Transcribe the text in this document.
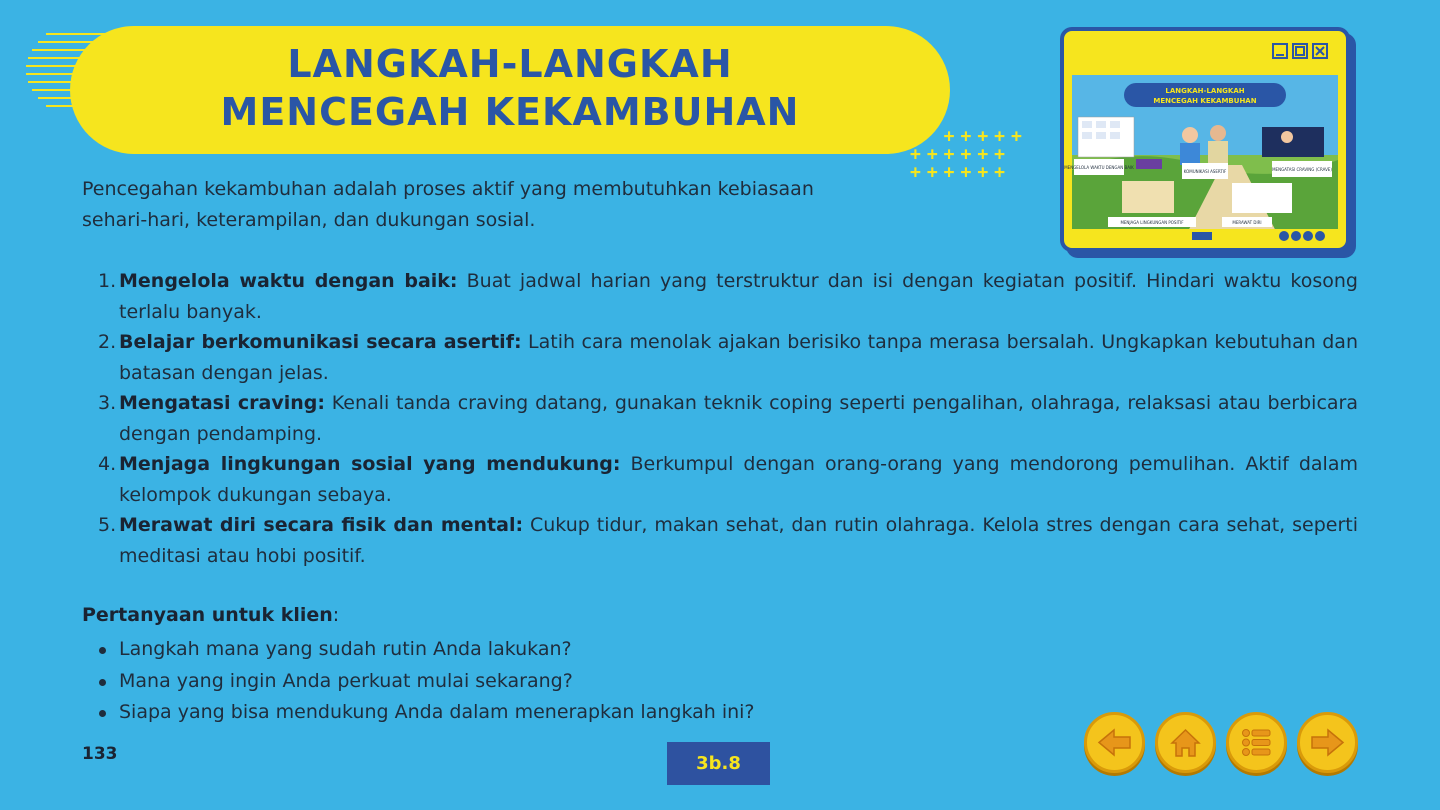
LANGKAH-LANGKAH
MENCEGAH KEKAMBUHAN
+++++
++++++
++++++
Pencegahan kekambuhan adalah proses aktif yang membutuhkan kebiasaan
sehari-hari, keterampilan, dan dukungan sosial.
LANGKAH-LANGKAH
MENCEGAH KEKAMBUHAN
MENGELOLA WAKTU DENGAN BAIK
KOMUNIKASI ASERTIF	MENGATASI CRAVING (CRAVE)
MENJAGA LINGKUNGAN POSITIF	MERAWAT DIRI
1. Mengelola waktu dengan baik: Buat jadwal harian yang terstruktur dan isi dengan kegiatan positif. Hindari waktu kosong terlalu banyak.
2. Belajar berkomunikasi secara asertif: Latih cara menolak ajakan berisiko tanpa merasa bersalah. Ungkapkan kebutuhan dan batasan dengan jelas.
3. Mengatasi craving: Kenali tanda craving datang, gunakan teknik coping seperti pengalihan, olahraga, relaksasi atau berbicara dengan pendamping.
4. Menjaga lingkungan sosial yang mendukung: Berkumpul dengan orang-orang yang mendorong pemulihan. Aktif dalam kelompok dukungan sebaya.
5. Merawat diri secara fisik dan mental: Cukup tidur, makan sehat, dan rutin olahraga. Kelola stres dengan cara sehat, seperti meditasi atau hobi positif.
Pertanyaan untuk klien:
Langkah mana yang sudah rutin Anda lakukan?
Mana yang ingin Anda perkuat mulai sekarang?
Siapa yang bisa mendukung Anda dalam menerapkan langkah ini?
133	3b.8
